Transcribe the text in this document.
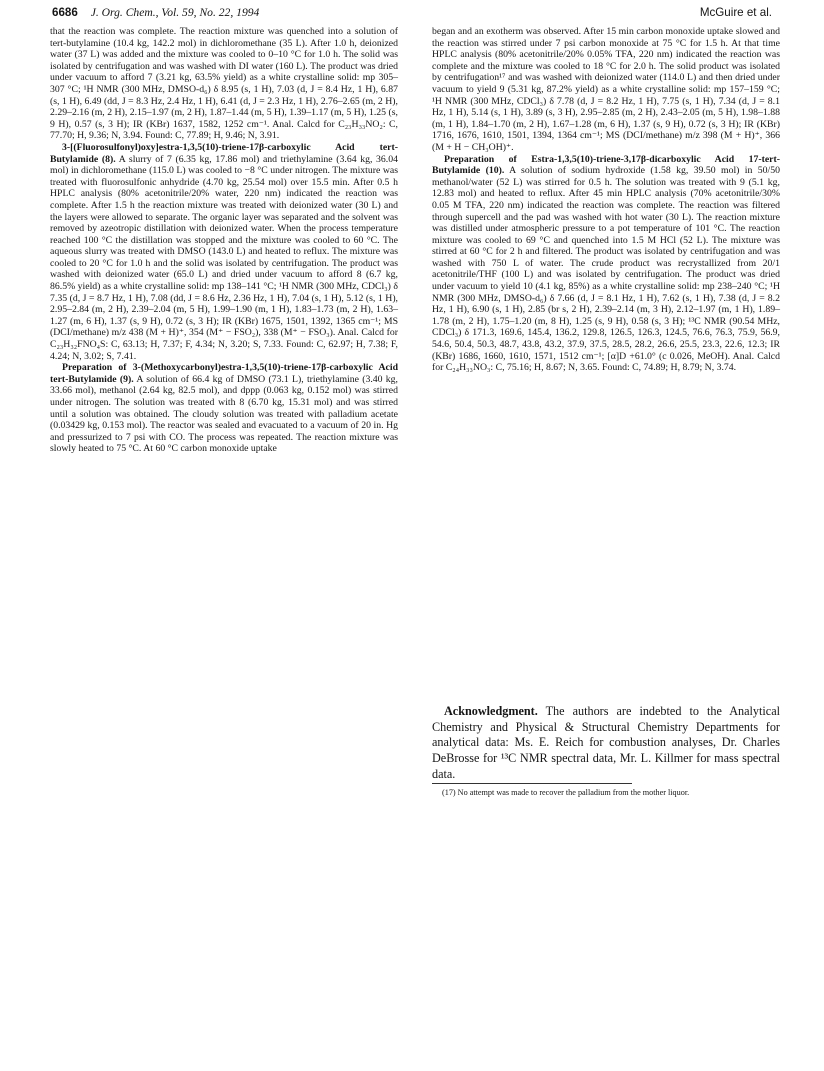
6686 J. Org. Chem., Vol. 59, No. 22, 1994	McGuire et al.

that the reaction was complete. The reaction mixture was quenched into a solution of tert-butylamine (10.4 kg, 142.2 mol) in dichloromethane (35 L). After 1.0 h, deionized water (37 L) was added and the mixture was cooled to 0–10 °C for 1.0 h. The solid was isolated by centrifugation and was washed with DI water (160 L). The product was dried under vacuum to afford 7 (3.21 kg, 63.5% yield) as a white crystalline solid: mp 305–307 °C; ¹H NMR (300 MHz, DMSO-d₆) δ 8.95 (s, 1 H), 7.03 (d, J = 8.4 Hz, 1 H), 6.87 (s, 1 H), 6.49 (dd, J = 8.3 Hz, 2.4 Hz, 1 H), 6.41 (d, J = 2.3 Hz, 1 H), 2.76–2.65 (m, 2 H), 2.29–2.16 (m, 2 H), 2.15–1.97 (m, 2 H), 1.87–1.44 (m, 5 H), 1.39–1.17 (m, 5 H), 1.25 (s, 9 H), 0.57 (s, 3 H); IR (KBr) 1637, 1582, 1252 cm⁻¹. Anal. Calcd for C₂₃H₃₃NO₂: C, 77.70; H, 9.36; N, 3.94. Found: C, 77.89; H, 9.46; N, 3.91.

3-[(Fluorosulfonyl)oxy]estra-1,3,5(10)-triene-17β-carboxylic Acid tert-Butylamide (8). A slurry of 7 (6.35 kg, 17.86 mol) and triethylamine (3.64 kg, 36.04 mol) in dichloromethane (115.0 L) was cooled to −8 °C under nitrogen. The mixture was treated with fluorosulfonic anhydride (4.70 kg, 25.54 mol) over 15.5 min. After 0.5 h HPLC analysis (80% acetonitrile/20% water, 220 nm) indicated the reaction was complete. After 1.5 h the reaction mixture was treated with deionized water (30 L) and the layers were allowed to separate. The organic layer was separated and the solvent was removed by azeotropic distillation with deionized water. When the process temperature reached 100 °C the distillation was stopped and the mixture was cooled to 60 °C. The aqueous slurry was treated with DMSO (143.0 L) and heated to reflux. The mixture was cooled to 20 °C for 1.0 h and the solid was isolated by centrifugation. The product was washed with deionized water (65.0 L) and dried under vacuum to afford 8 (6.7 kg, 86.5% yield) as a white crystalline solid: mp 138–141 °C; ¹H NMR (300 MHz, CDCl₃) δ 7.35 (d, J = 8.7 Hz, 1 H), 7.08 (dd, J = 8.6 Hz, 2.36 Hz, 1 H), 7.04 (s, 1 H), 5.12 (s, 1 H), 2.95–2.84 (m, 2 H), 2.39–2.04 (m, 5 H), 1.99–1.90 (m, 1 H), 1.83–1.73 (m, 2 H), 1.63–1.27 (m, 6 H), 1.37 (s, 9 H), 0.72 (s, 3 H); IR (KBr) 1675, 1501, 1392, 1365 cm⁻¹; MS (DCI/methane) m/z 438 (M + H)⁺, 354 (M⁺ − FSO₂), 338 (M⁺ − FSO₃). Anal. Calcd for C₂₃H₃₂FNO₄S: C, 63.13; H, 7.37; F, 4.34; N, 3.20; S, 7.33. Found: C, 62.97; H, 7.38; F, 4.24; N, 3.02; S, 7.41.

Preparation of 3-(Methoxycarbonyl)estra-1,3,5(10)-triene-17β-carboxylic Acid tert-Butylamide (9). A solution of 66.4 kg of DMSO (73.1 L), triethylamine (3.40 kg, 33.66 mol), methanol (2.64 kg, 82.5 mol), and dppp (0.063 kg, 0.152 mol) was stirred under nitrogen. The solution was treated with 8 (6.70 kg, 15.31 mol) and was stirred until a solution was obtained. The cloudy solution was treated with palladium acetate (0.03429 kg, 0.153 mol). The reactor was sealed and evacuated to a vacuum of 20 in. Hg and pressurized to 7 psi with CO. The process was repeated. The reaction mixture was slowly heated to 75 °C. At 60 °C carbon monoxide uptake

began and an exotherm was observed. After 15 min carbon monoxide uptake slowed and the reaction was stirred under 7 psi carbon monoxide at 75 °C for 1.5 h. At that time HPLC analysis (80% acetonitrile/20% 0.05% TFA, 220 nm) indicated the reaction was complete and the mixture was cooled to 18 °C for 2.0 h. The solid product was isolated by centrifugation¹⁷ and was washed with deionized water (114.0 L) and then dried under vacuum to yield 9 (5.31 kg, 87.2% yield) as a white crystalline solid: mp 157–159 °C; ¹H NMR (300 MHz, CDCl₃) δ 7.78 (d, J = 8.2 Hz, 1 H), 7.75 (s, 1 H), 7.34 (d, J = 8.1 Hz, 1 H), 5.14 (s, 1 H), 3.89 (s, 3 H), 2.95–2.85 (m, 2 H), 2.43–2.05 (m, 5 H), 1.98–1.88 (m, 1 H), 1.84–1.70 (m, 2 H), 1.67–1.28 (m, 6 H), 1.37 (s, 9 H), 0.72 (s, 3 H); IR (KBr) 1716, 1676, 1610, 1501, 1394, 1364 cm⁻¹; MS (DCI/methane) m/z 398 (M + H)⁺, 366 (M + H − CH₃OH)⁺.

Preparation of Estra-1,3,5(10)-triene-3,17β-dicarboxylic Acid 17-tert-Butylamide (10). A solution of sodium hydroxide (1.58 kg, 39.50 mol) in 50/50 methanol/water (52 L) was stirred for 0.5 h. The solution was treated with 9 (5.1 kg, 12.83 mol) and heated to reflux. After 45 min HPLC analysis (70% acetonitrile/30% 0.05 M TFA, 220 nm) indicated the reaction was complete. The reaction was filtered through supercell and the pad was washed with hot water (30 L). The reaction mixture was distilled under atmospheric pressure to a pot temperature of 101 °C. The reaction mixture was cooled to 69 °C and quenched into 1.5 M HCl (52 L). The mixture was stirred at 60 °C for 2 h and filtered. The product was isolated by centrifugation and was washed with 750 L of water. The crude product was recrystallized from 20/1 acetonitrile/THF (100 L) and was isolated by centrifugation. The product was dried under vacuum to yield 10 (4.1 kg, 85%) as a white crystalline solid: mp 238–240 °C; ¹H NMR (300 MHz, DMSO-d₆) δ 7.66 (d, J = 8.1 Hz, 1 H), 7.62 (s, 1 H), 7.38 (d, J = 8.2 Hz, 1 H), 6.90 (s, 1 H), 2.85 (br s, 2 H), 2.39–2.14 (m, 3 H), 2.12–1.97 (m, 1 H), 1.89–1.78 (m, 2 H), 1.75–1.20 (m, 8 H), 1.25 (s, 9 H), 0.58 (s, 3 H); ¹³C NMR (90.54 MHz, CDCl₃) δ 171.3, 169.6, 145.4, 136.2, 129.8, 126.5, 126.3, 124.5, 76.6, 76.3, 75.9, 56.9, 54.6, 50.4, 50.3, 48.7, 43.8, 43.2, 37.9, 37.5, 28.5, 28.2, 26.6, 25.5, 23.3, 22.6, 12.3; IR (KBr) 1686, 1660, 1610, 1571, 1512 cm⁻¹; [α]D +61.0° (c 0.026, MeOH). Anal. Calcd for C₂₄H₃₃NO₃: C, 75.16; H, 8.67; N, 3.65. Found: C, 74.89; H, 8.79; N, 3.74.

Acknowledgment. The authors are indebted to the Analytical Chemistry and Physical & Structural Chemistry Departments for analytical data: Ms. E. Reich for combustion analyses, Dr. Charles DeBrosse for ¹³C NMR spectral data, Mr. L. Killmer for mass spectral data.

(17) No attempt was made to recover the palladium from the mother liquor.
